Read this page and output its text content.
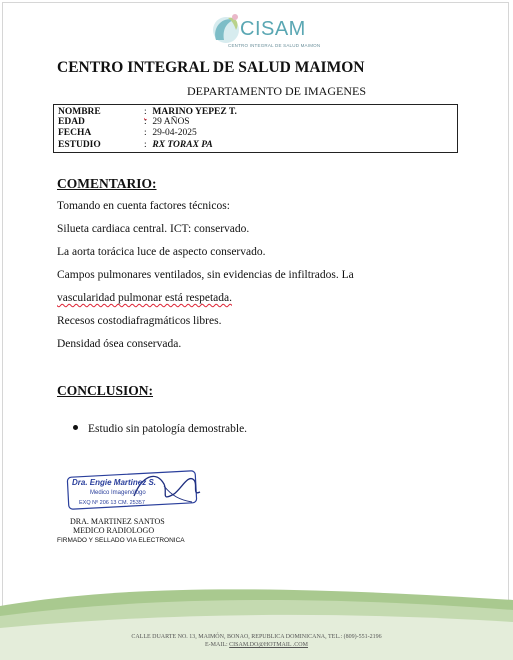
CISAM
CENTRO INTEGRAL DE SALUD MAIMON
CENTRO INTEGRAL DE SALUD MAIMON
DEPARTAMENTO DE IMAGENES
NOMBRE	: MARINO YEPEZ T.
EDAD	: 29 AÑOS
FECHA	: 29-04-2025
ESTUDIO	: RX TORAX PA
COMENTARIO:
Tomando en cuenta factores técnicos:
Silueta cardiaca central. ICT: conservado.
La aorta torácica luce de aspecto conservado.
Campos pulmonares ventilados, sin evidencias de infiltrados. La
vascularidad pulmonar está respetada.
Recesos costodiafragmáticos libres.
Densidad ósea conservada.
CONCLUSION:
Estudio sin patología demostrable.
Dra. Engie Martinez S.
Medico Imagenólogo
EXQ Nº 206 13 CM. 25357
DRA. MARTINEZ SANTOS
MEDICO RADIOLOGO
FIRMADO Y SELLADO VIA ELECTRONICA
CALLE DUARTE NO. 13, MAIMÓN, BONAO, REPUBLICA DOMINICANA, TEL.: (809)-551-2196
E-MAIL: CISAM.DO@HOTMAIL .COM
